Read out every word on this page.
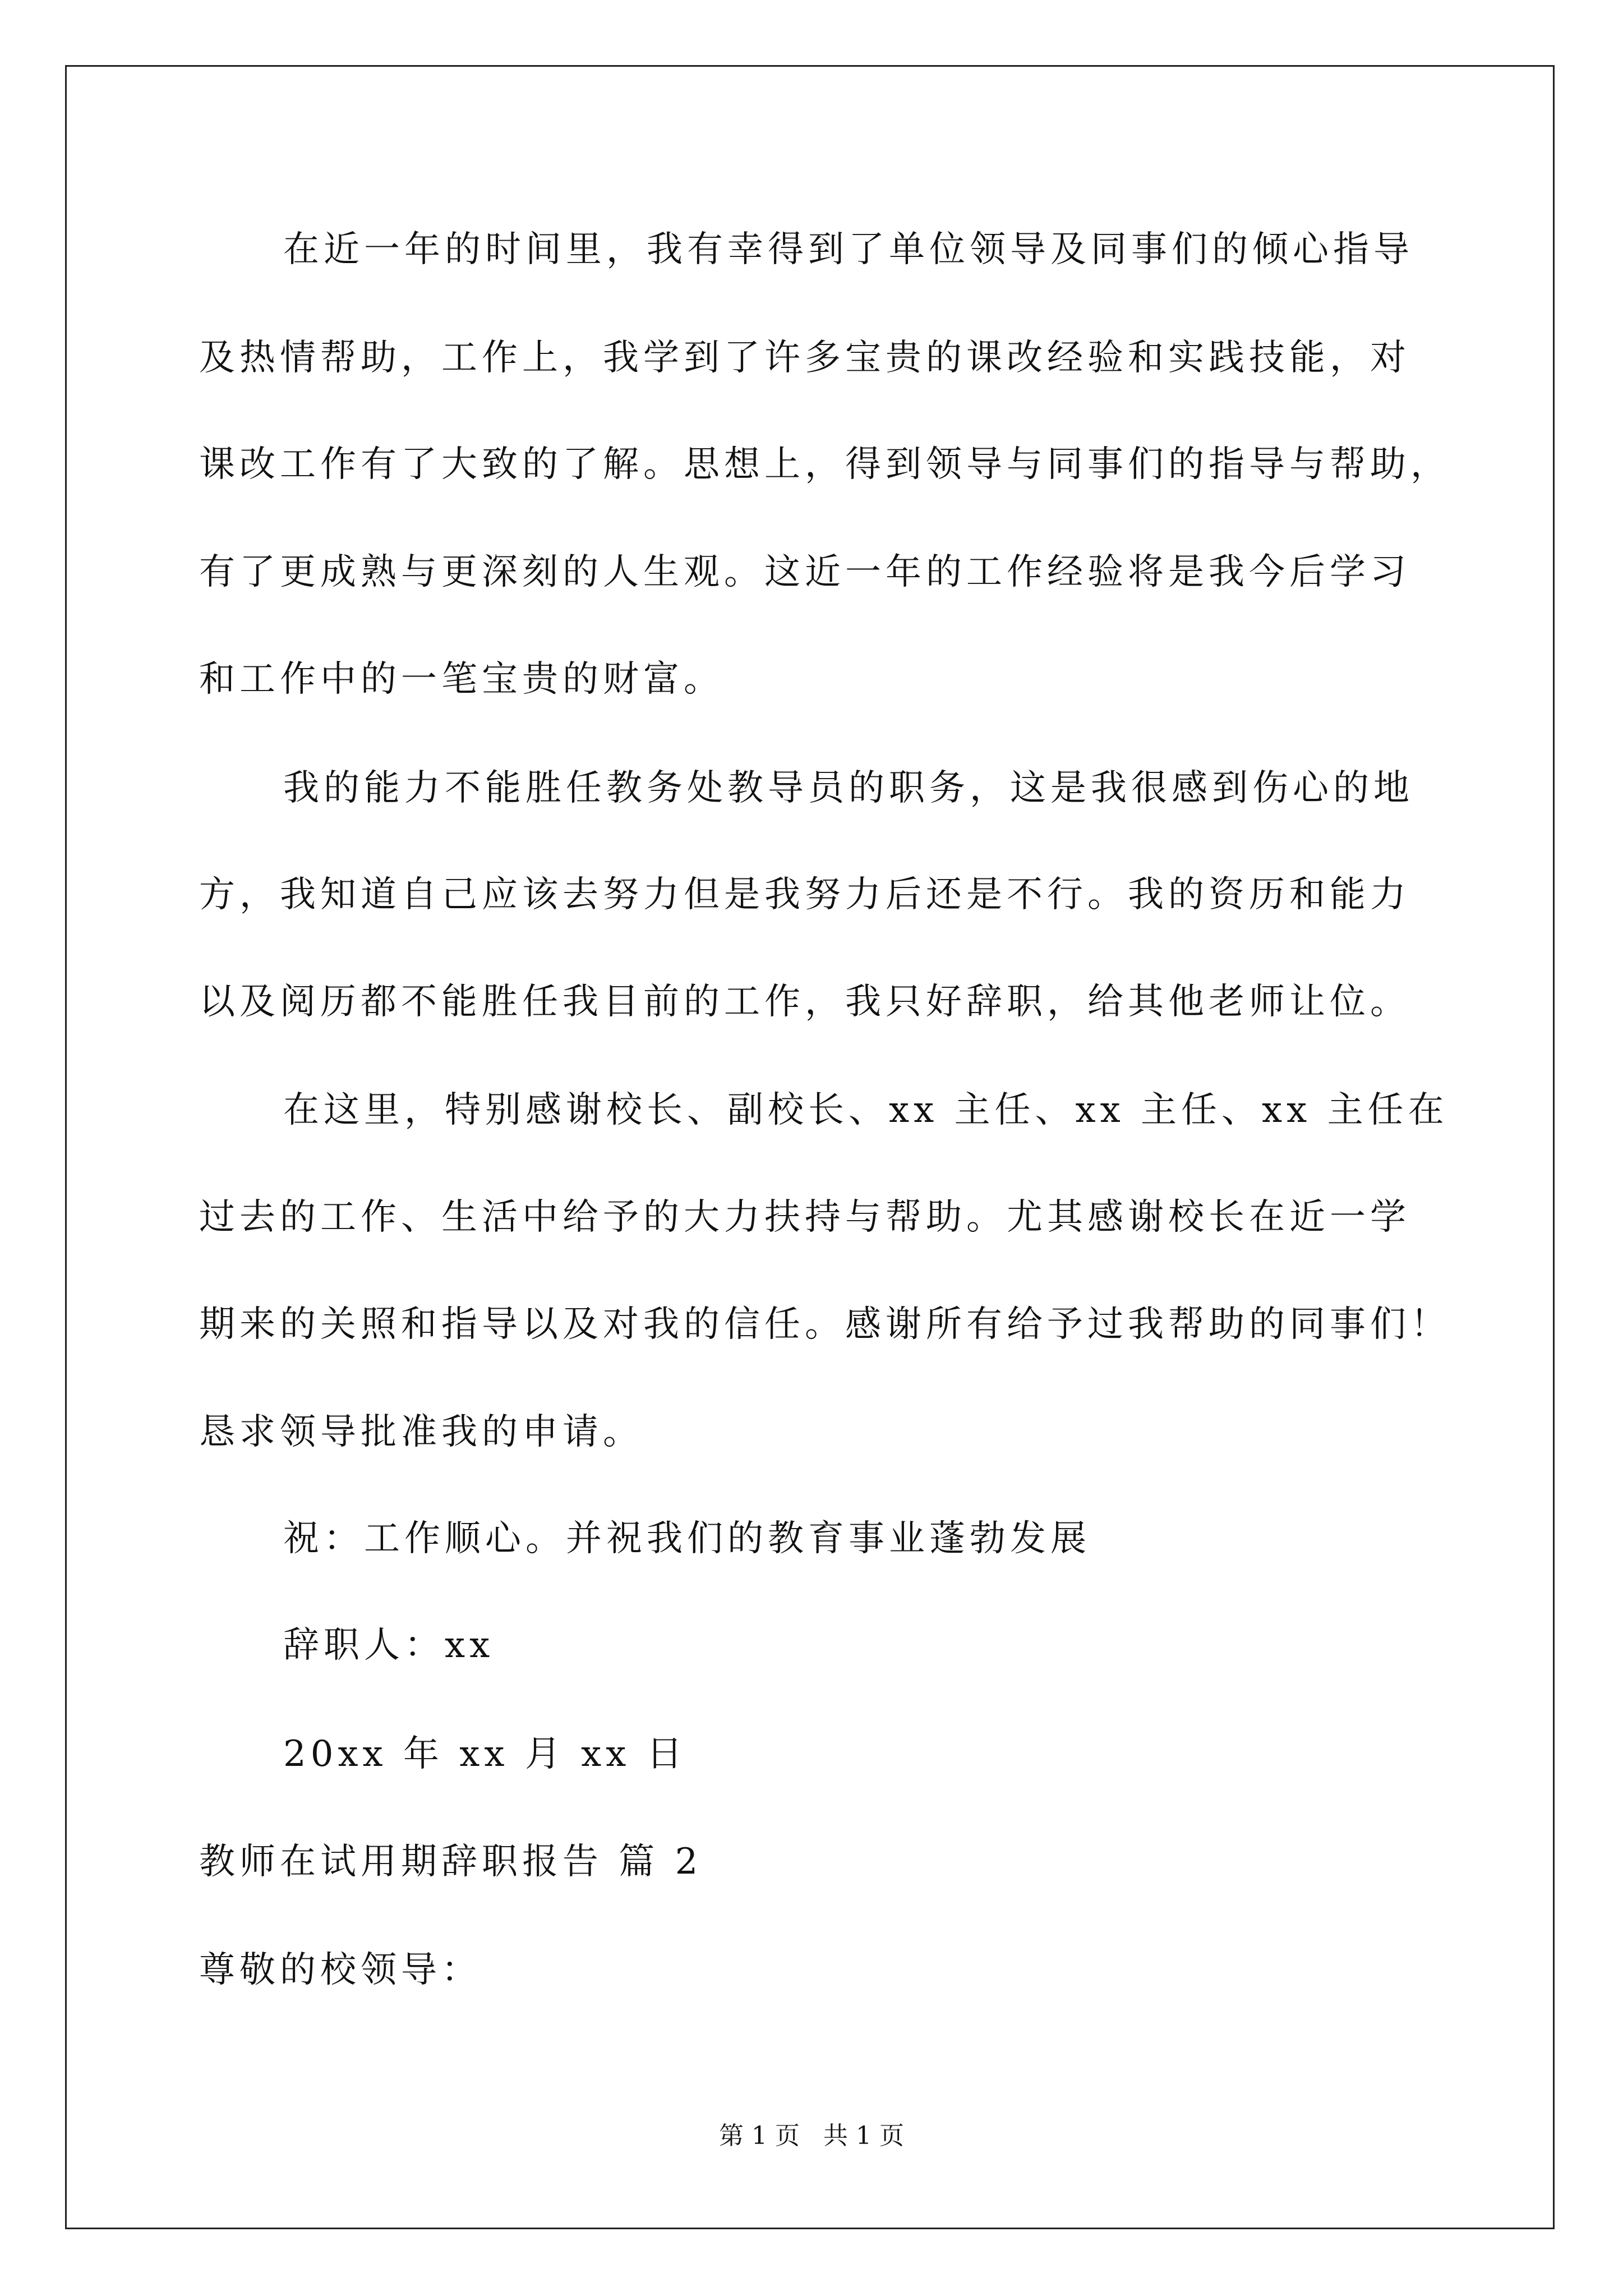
在近一年的时间里，我有幸得到了单位领导及同事们的倾心指导
及热情帮助，工作上，我学到了许多宝贵的课改经验和实践技能，对
课改工作有了大致的了解。思想上，得到领导与同事们的指导与帮助，
有了更成熟与更深刻的人生观。这近一年的工作经验将是我今后学习
和工作中的一笔宝贵的财富。
我的能力不能胜任教务处教导员的职务，这是我很感到伤心的地
方，我知道自己应该去努力但是我努力后还是不行。我的资历和能力
以及阅历都不能胜任我目前的工作，我只好辞职，给其他老师让位。
在这里，特别感谢校长、副校长、xx 主任、xx 主任、xx 主任在
过去的工作、生活中给予的大力扶持与帮助。尤其感谢校长在近一学
期来的关照和指导以及对我的信任。感谢所有给予过我帮助的同事们！
恳求领导批准我的申请。
祝：工作顺心。并祝我们的教育事业蓬勃发展
辞职人：xx
20xx 年 xx 月 xx 日
教师在试用期辞职报告 篇 2
尊敬的校领导：
第 1 页   共 1 页
